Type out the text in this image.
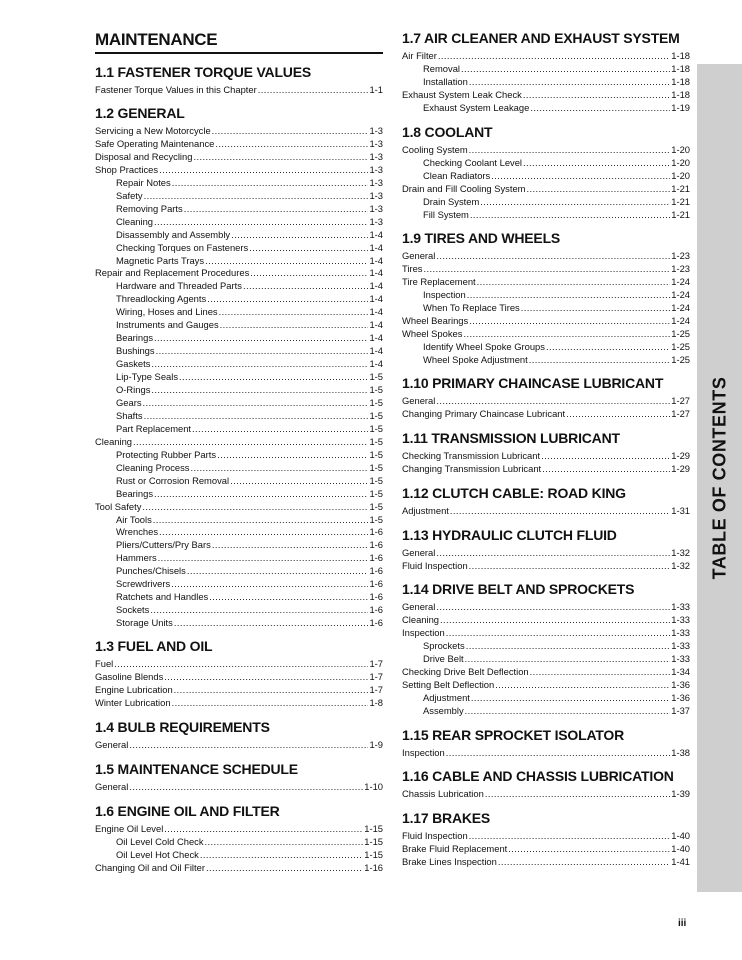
MAINTENANCE
1.1 FASTENER TORQUE VALUES
Fastener Torque Values in this Chapter .....	1-1
1.2 GENERAL
Servicing a New Motorcycle .....	1-3
Safe Operating Maintenance .....	1-3
Disposal and Recycling .....	1-3
Shop Practices .....	1-3
Repair Notes .....	1-3
Safety .....	1-3
Removing Parts .....	1-3
Cleaning .....	1-3
Disassembly and Assembly .....	1-4
Checking Torques on Fasteners .....	1-4
Magnetic Parts Trays .....	1-4
Repair and Replacement Procedures .....	1-4
Hardware and Threaded Parts .....	1-4
Threadlocking Agents .....	1-4
Wiring, Hoses and Lines .....	1-4
Instruments and Gauges .....	1-4
Bearings .....	1-4
Bushings .....	1-4
Gaskets .....	1-4
Lip-Type Seals .....	1-5
O-Rings .....	1-5
Gears .....	1-5
Shafts .....	1-5
Part Replacement .....	1-5
Cleaning .....	1-5
Protecting Rubber Parts .....	1-5
Cleaning Process .....	1-5
Rust or Corrosion Removal .....	1-5
Bearings .....	1-5
Tool Safety .....	1-5
Air Tools .....	1-5
Wrenches .....	1-6
Pliers/Cutters/Pry Bars .....	1-6
Hammers .....	1-6
Punches/Chisels .....	1-6
Screwdrivers .....	1-6
Ratchets and Handles .....	1-6
Sockets .....	1-6
Storage Units .....	1-6
1.3 FUEL AND OIL
Fuel .....	1-7
Gasoline Blends .....	1-7
Engine Lubrication .....	1-7
Winter Lubrication .....	1-8
1.4 BULB REQUIREMENTS
General .....	1-9
1.5 MAINTENANCE SCHEDULE
General .....	1-10
1.6 ENGINE OIL AND FILTER
Engine Oil Level .....	1-15
Oil Level Cold Check .....	1-15
Oil Level Hot Check .....	1-15
Changing Oil and Oil Filter .....	1-16
1.7 AIR CLEANER AND EXHAUST SYSTEM
Air Filter .....	1-18
Removal .....	1-18
Installation .....	1-18
Exhaust System Leak Check .....	1-18
Exhaust System Leakage .....	1-19
1.8 COOLANT
Cooling System .....	1-20
Checking Coolant Level .....	1-20
Clean Radiators .....	1-20
Drain and Fill Cooling System .....	1-21
Drain System .....	1-21
Fill System .....	1-21
1.9 TIRES AND WHEELS
General .....	1-23
Tires .....	1-23
Tire Replacement .....	1-24
Inspection .....	1-24
When To Replace Tires .....	1-24
Wheel Bearings .....	1-24
Wheel Spokes .....	1-25
Identify Wheel Spoke Groups .....	1-25
Wheel Spoke Adjustment .....	1-25
1.10 PRIMARY CHAINCASE LUBRICANT
General .....	1-27
Changing Primary Chaincase Lubricant .....	1-27
1.11 TRANSMISSION LUBRICANT
Checking Transmission Lubricant .....	1-29
Changing Transmission Lubricant .....	1-29
1.12 CLUTCH CABLE: ROAD KING
Adjustment .....	1-31
1.13 HYDRAULIC CLUTCH FLUID
General .....	1-32
Fluid Inspection .....	1-32
1.14 DRIVE BELT AND SPROCKETS
General .....	1-33
Cleaning .....	1-33
Inspection .....	1-33
Sprockets .....	1-33
Drive Belt .....	1-33
Checking Drive Belt Deflection .....	1-34
Setting Belt Deflection .....	1-36
Adjustment .....	1-36
Assembly .....	1-37
1.15 REAR SPROCKET ISOLATOR
Inspection .....	1-38
1.16 CABLE AND CHASSIS LUBRICATION
Chassis Lubrication .....	1-39
1.17 BRAKES
Fluid Inspection .....	1-40
Brake Fluid Replacement .....	1-40
Brake Lines Inspection .....	1-41
TABLE OF CONTENTS
iii
